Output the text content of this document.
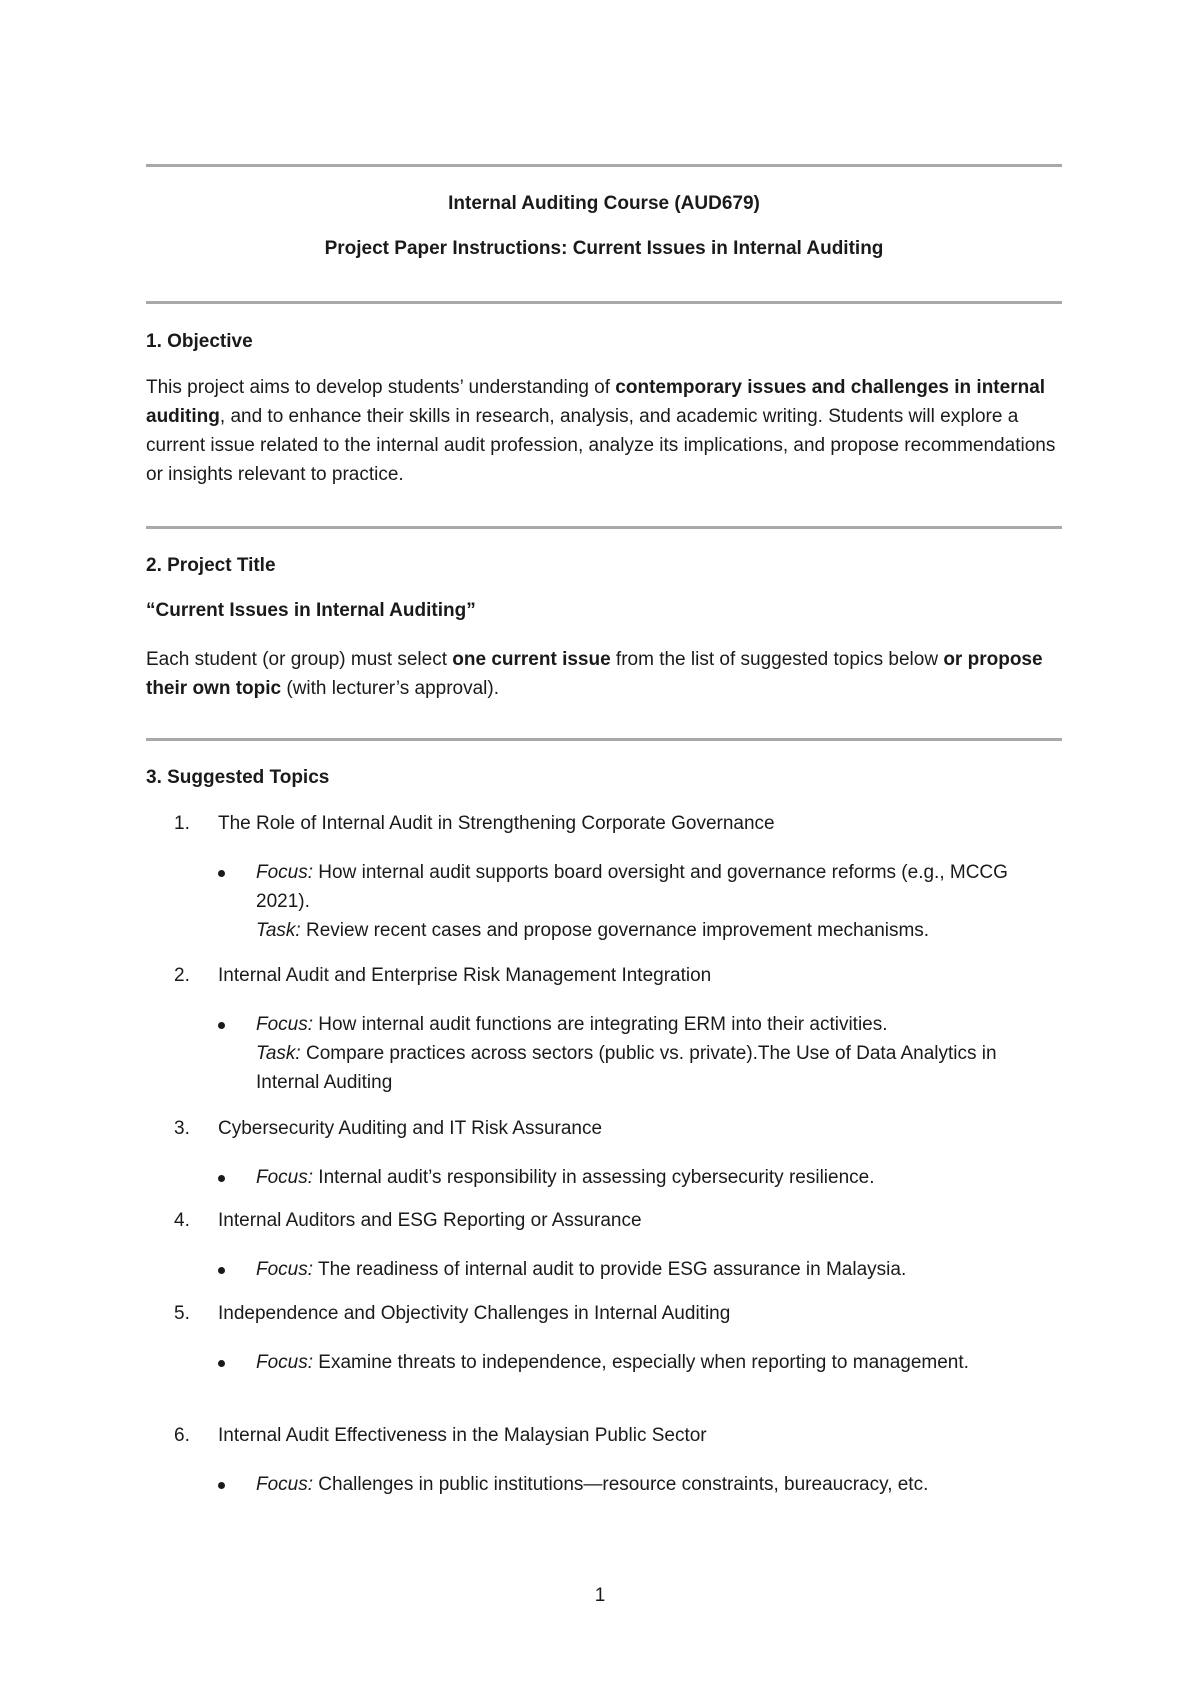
Internal Auditing Course (AUD679)
Project Paper Instructions: Current Issues in Internal Auditing
1. Objective
This project aims to develop students’ understanding of contemporary issues and challenges in internal auditing, and to enhance their skills in research, analysis, and academic writing. Students will explore a current issue related to the internal audit profession, analyze its implications, and propose recommendations or insights relevant to practice.
2. Project Title
“Current Issues in Internal Auditing”
Each student (or group) must select one current issue from the list of suggested topics below or propose their own topic (with lecturer’s approval).
3. Suggested Topics
1. The Role of Internal Audit in Strengthening Corporate Governance
Focus: How internal audit supports board oversight and governance reforms (e.g., MCCG 2021).
Task: Review recent cases and propose governance improvement mechanisms.
2. Internal Audit and Enterprise Risk Management Integration
Focus: How internal audit functions are integrating ERM into their activities.
Task: Compare practices across sectors (public vs. private).The Use of Data Analytics in Internal Auditing
3. Cybersecurity Auditing and IT Risk Assurance
Focus: Internal audit’s responsibility in assessing cybersecurity resilience.
4. Internal Auditors and ESG Reporting or Assurance
Focus: The readiness of internal audit to provide ESG assurance in Malaysia.
5. Independence and Objectivity Challenges in Internal Auditing
Focus: Examine threats to independence, especially when reporting to management.
6. Internal Audit Effectiveness in the Malaysian Public Sector
Focus: Challenges in public institutions—resource constraints, bureaucracy, etc.
1
